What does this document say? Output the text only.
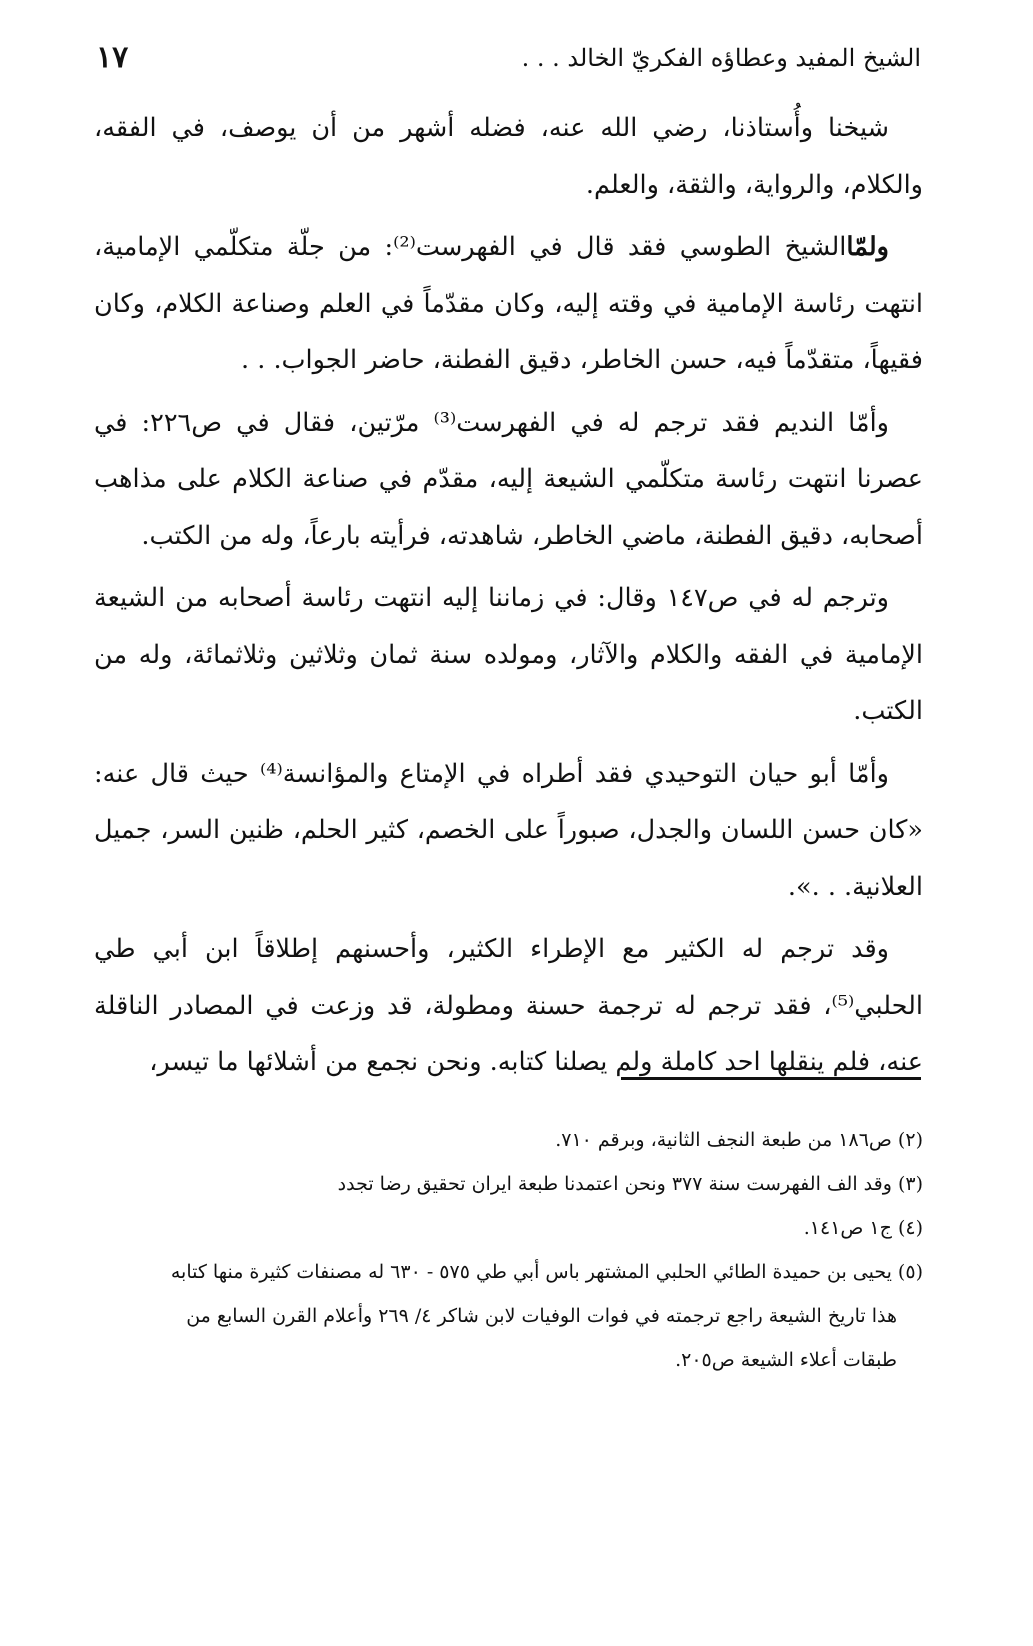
الشيخ المفيد وعطاؤه الفكريّ الخالد . . .
١٧

شيخنا وأُستاذنا، رضي الله عنه، فضله أشهر من أن يوصف، في الفقه، والكلام، والرواية، والثقة، والعلم.

ولمّاالشيخ الطوسي فقد قال في الفهرست⁽²⁾: من جلّة متكلّمي الإمامية، انتهت رئاسة الإمامية في وقته إليه، وكان مقدّماً في العلم وصناعة الكلام، وكان فقيهاً، متقدّماً فيه، حسن الخاطر، دقيق الفطنة، حاضر الجواب. . .

وأمّا النديم فقد ترجم له في الفهرست⁽³⁾ مرّتين، فقال في ص٢٢٦: في عصرنا انتهت رئاسة متكلّمي الشيعة إليه، مقدّم في صناعة الكلام على مذاهب أصحابه، دقيق الفطنة، ماضي الخاطر، شاهدته، فرأيته بارعاً، وله من الكتب.

وترجم له في ص١٤٧ وقال: في زماننا إليه انتهت رئاسة أصحابه من الشيعة الإمامية في الفقه والكلام والآثار، ومولده سنة ثمان وثلاثين وثلاثمائة، وله من الكتب.

وأمّا أبو حيان التوحيدي فقد أطراه في الإمتاع والمؤانسة⁽⁴⁾ حيث قال عنه: «كان حسن اللسان والجدل، صبوراً على الخصم، كثير الحلم، ظنين السر، جميل العلانية. . .».

وقد ترجم له الكثير مع الإطراء الكثير، وأحسنهم إطلاقاً ابن أبي طي الحلبي⁽⁵⁾، فقد ترجم له ترجمة حسنة ومطولة، قد وزعت في المصادر الناقلة عنه، فلم ينقلها احد كاملة ولم يصلنا كتابه. ونحن نجمع من أشلائها ما تيسر،

(٢) ص١٨٦ من طبعة النجف الثانية، وبرقم ٧١٠.

(٣) وقد الف الفهرست سنة ٣٧٧ ونحن اعتمدنا طبعة ايران تحقيق رضا تجدد

(٤) ج١ ص١٤١.

(٥) يحيى بن حميدة الطائي الحلبي المشتهر باس أبي طي ٥٧٥ - ٦٣٠ له مصنفات كثيرة منها كتابه

هذا تاريخ الشيعة راجع ترجمته في فوات الوفيات لابن شاكر ٤/ ٢٦٩ وأعلام القرن السابع من

طبقات أعلاء الشيعة ص٢٠٥.
